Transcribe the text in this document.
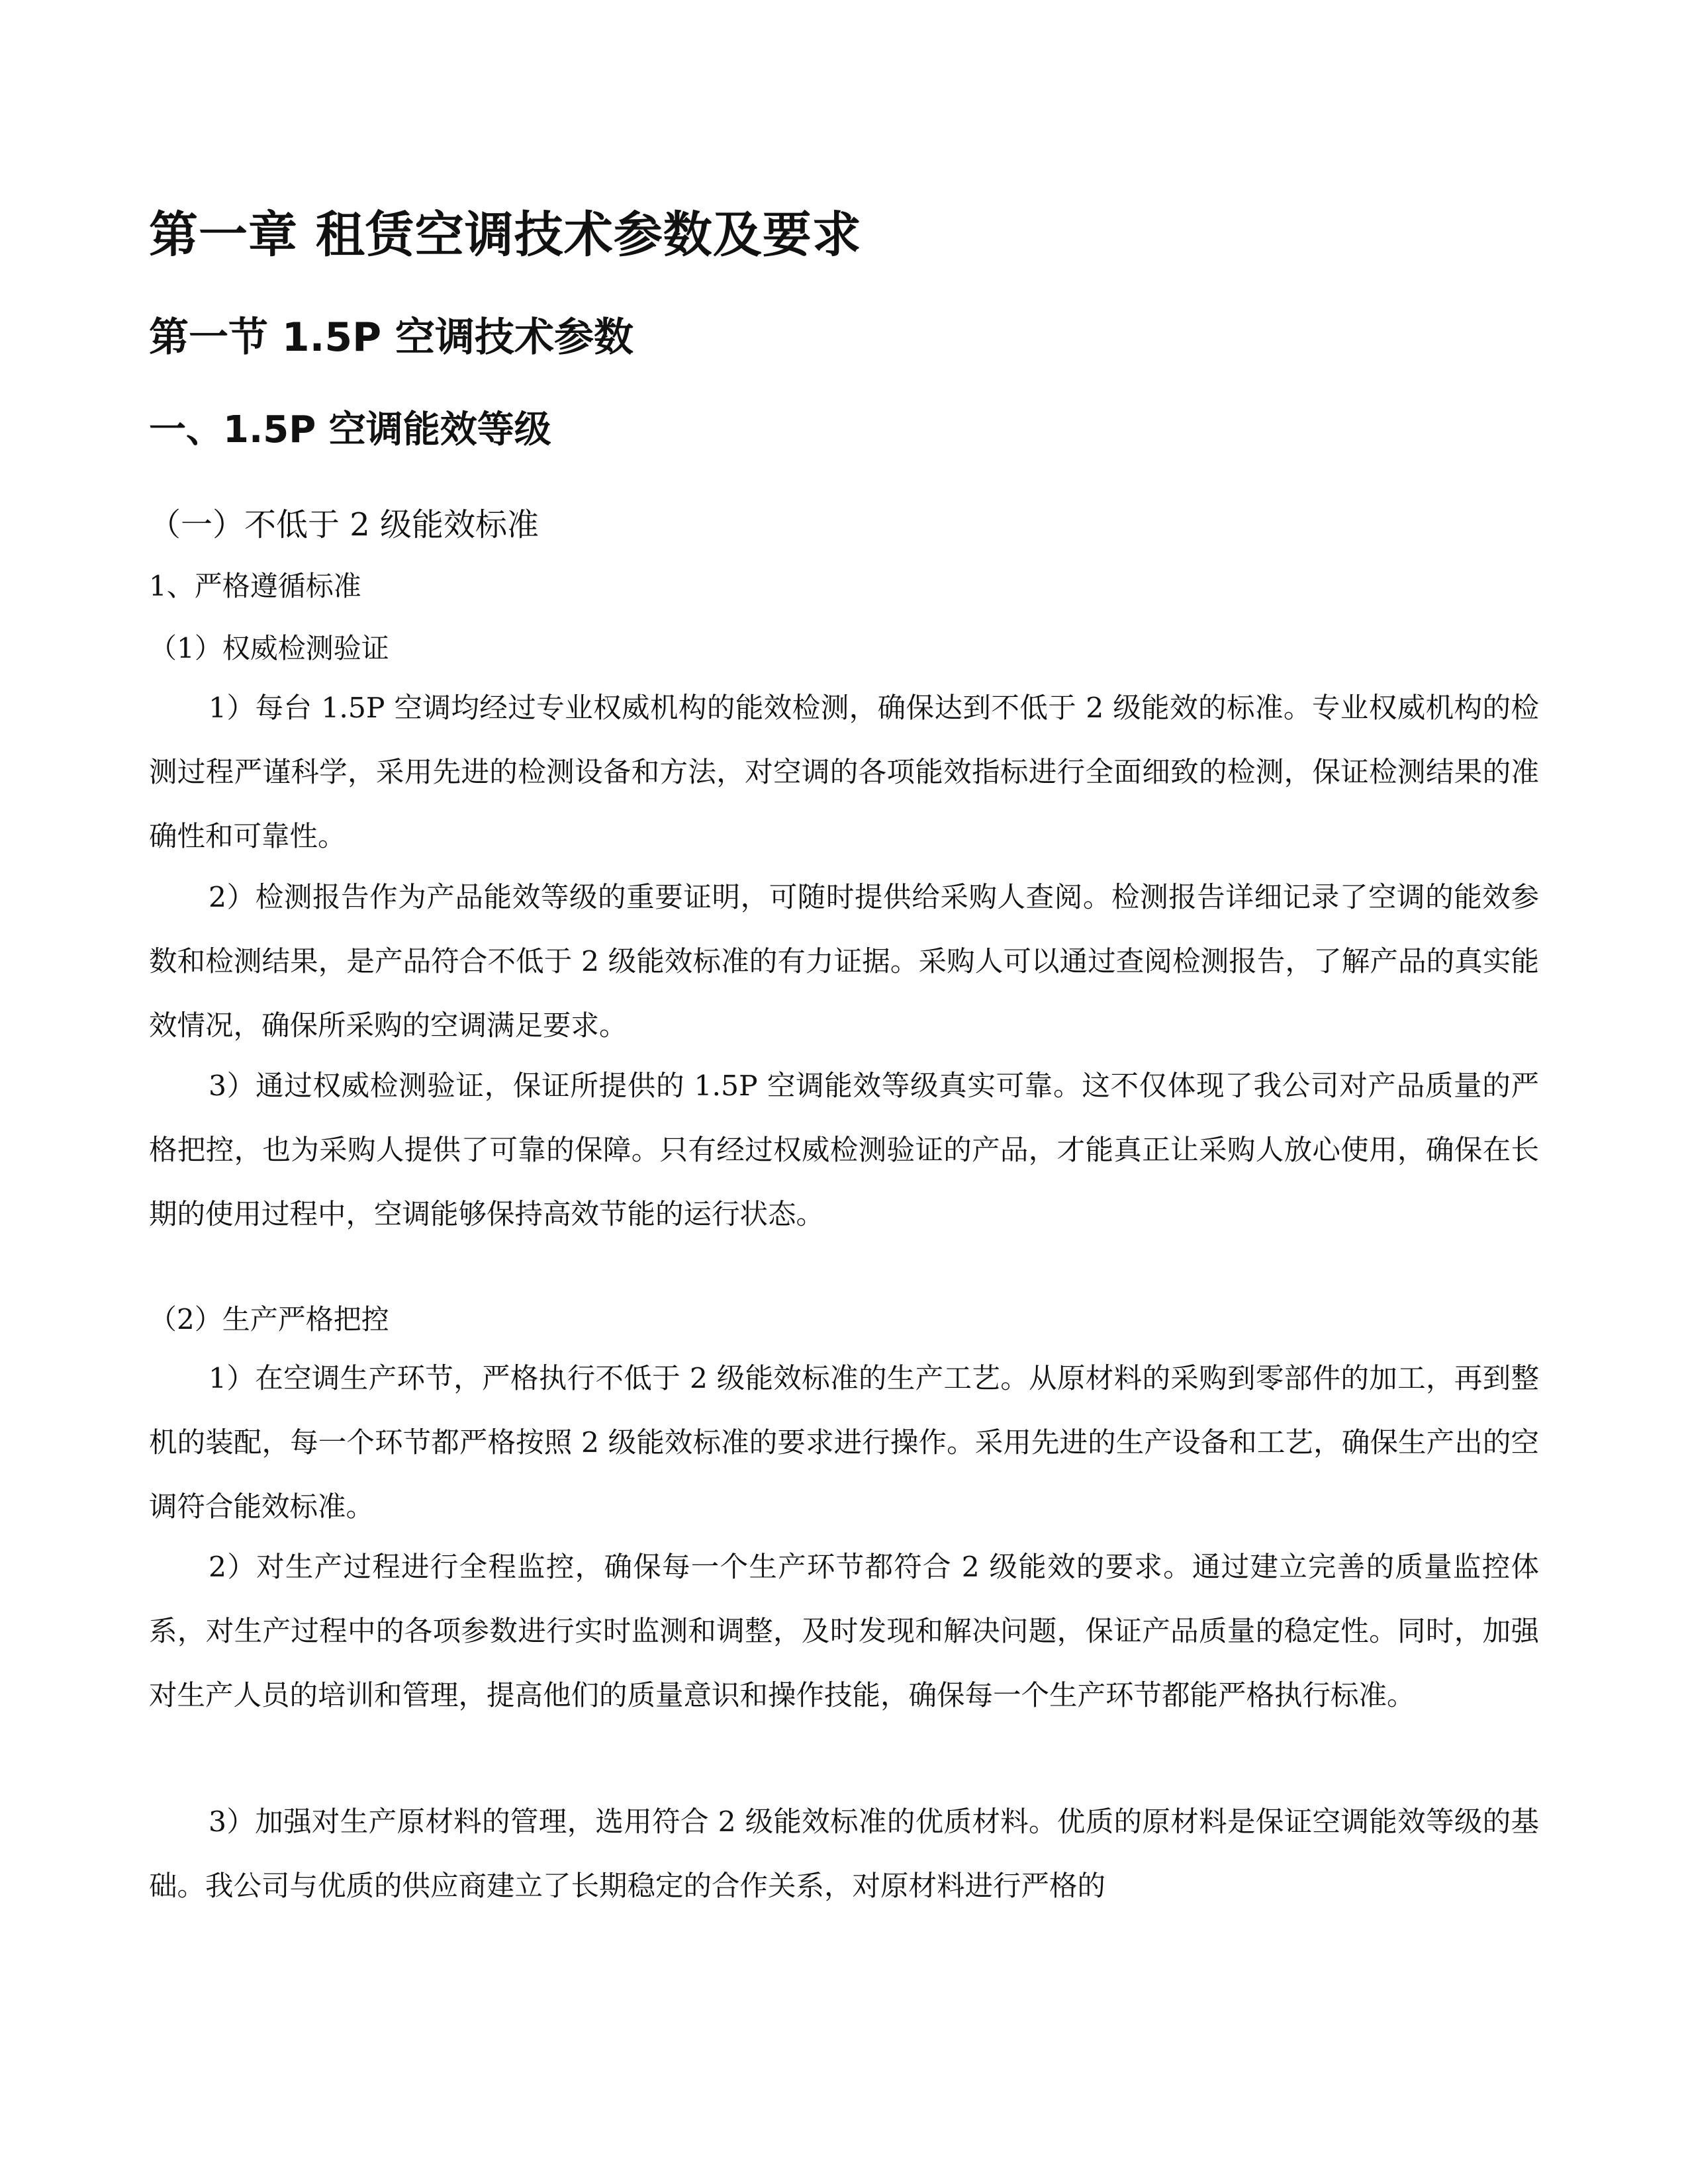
第一章 租赁空调技术参数及要求
第一节 1.5P 空调技术参数
一、1.5P 空调能效等级
（一）不低于 2 级能效标准
1、严格遵循标准
（1）权威检测验证

1）每台 1.5P 空调均经过专业权威机构的能效检测，确保达到不低于 2 级能效的标准。专业权威机构的检测过程严谨科学，采用先进的检测设备和方法，对空调的各项能效指标进行全面细致的检测，保证检测结果的准确性和可靠性。

2）检测报告作为产品能效等级的重要证明，可随时提供给采购人查阅。检测报告详细记录了空调的能效参数和检测结果，是产品符合不低于 2 级能效标准的有力证据。采购人可以通过查阅检测报告，了解产品的真实能效情况，确保所采购的空调满足要求。

3）通过权威检测验证，保证所提供的 1.5P 空调能效等级真实可靠。这不仅体现了我公司对产品质量的严格把控，也为采购人提供了可靠的保障。只有经过权威检测验证的产品，才能真正让采购人放心使用，确保在长期的使用过程中，空调能够保持高效节能的运行状态。

（2）生产严格把控

1）在空调生产环节，严格执行不低于 2 级能效标准的生产工艺。从原材料的采购到零部件的加工，再到整机的装配，每一个环节都严格按照 2 级能效标准的要求进行操作。采用先进的生产设备和工艺，确保生产出的空调符合能效标准。

2）对生产过程进行全程监控，确保每一个生产环节都符合 2 级能效的要求。通过建立完善的质量监控体系，对生产过程中的各项参数进行实时监测和调整，及时发现和解决问题，保证产品质量的稳定性。同时，加强对生产人员的培训和管理，提高他们的质量意识和操作技能，确保每一个生产环节都能严格执行标准。

3）加强对生产原材料的管理，选用符合 2 级能效标准的优质材料。优质的原材料是保证空调能效等级的基础。我公司与优质的供应商建立了长期稳定的合作关系，对原材料进行严格的
